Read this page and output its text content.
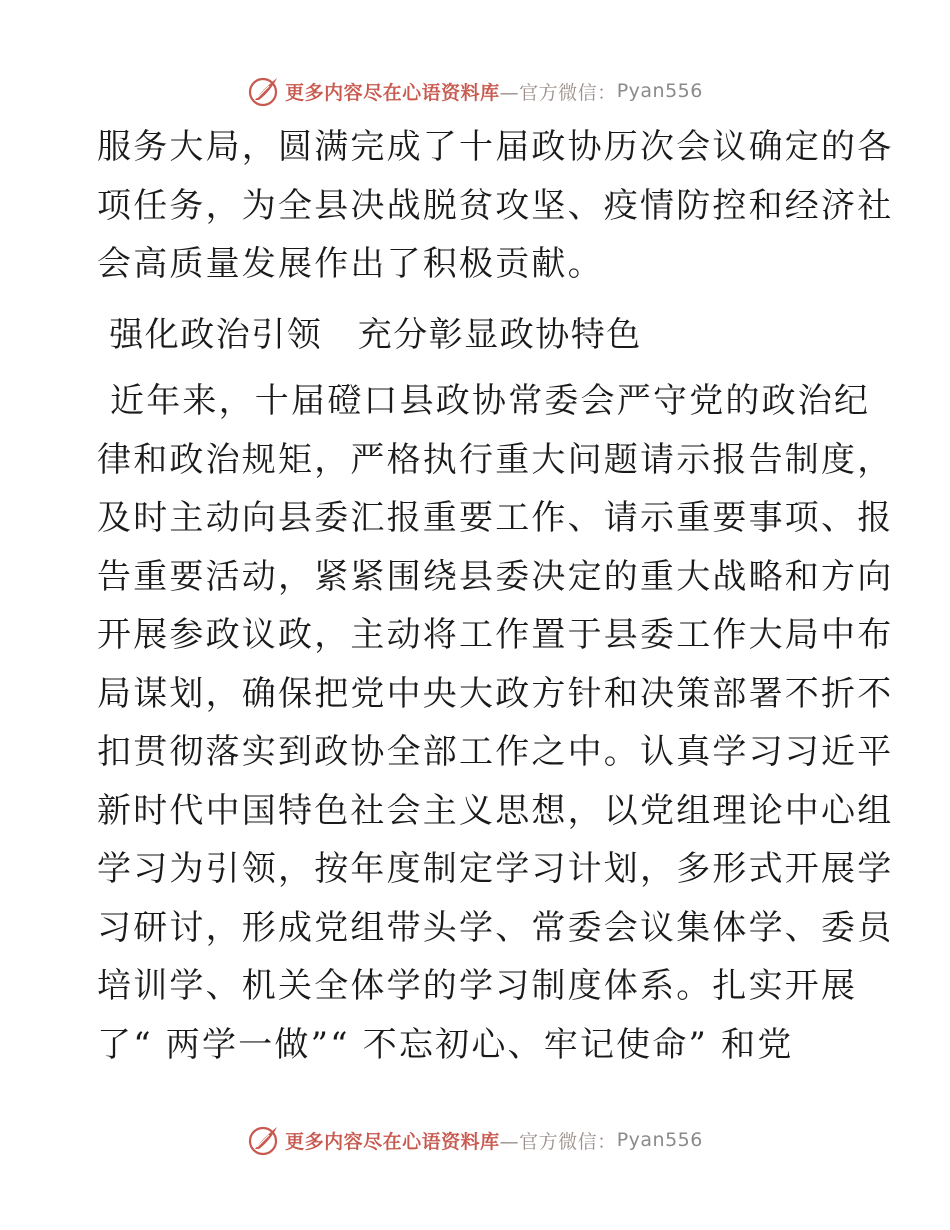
更多内容尽在心语资料库 —官方微信： Pyan556
服务大局，圆满完成了十届政协历次会议确定的各
项任务，为全县决战脱贫攻坚、疫情防控和经济社
会高质量发展作出了积极贡献。
强化政治引领　充分彰显政协特色
近年来，十届磴口县政协常委会严守党的政治纪
律和政治规矩，严格执行重大问题请示报告制度，
及时主动向县委汇报重要工作、请示重要事项、报
告重要活动，紧紧围绕县委决定的重大战略和方向
开展参政议政，主动将工作置于县委工作大局中布
局谋划，确保把党中央大政方针和决策部署不折不
扣贯彻落实到政协全部工作之中。认真学习习近平
新时代中国特色社会主义思想，以党组理论中心组
学习为引领，按年度制定学习计划，多形式开展学
习研讨，形成党组带头学、常委会议集体学、委员
培训学、机关全体学的学习制度体系。扎实开展
了“ 两学一做”“ 不忘初心、牢记使命” 和党
更多内容尽在心语资料库 —官方微信： Pyan556
